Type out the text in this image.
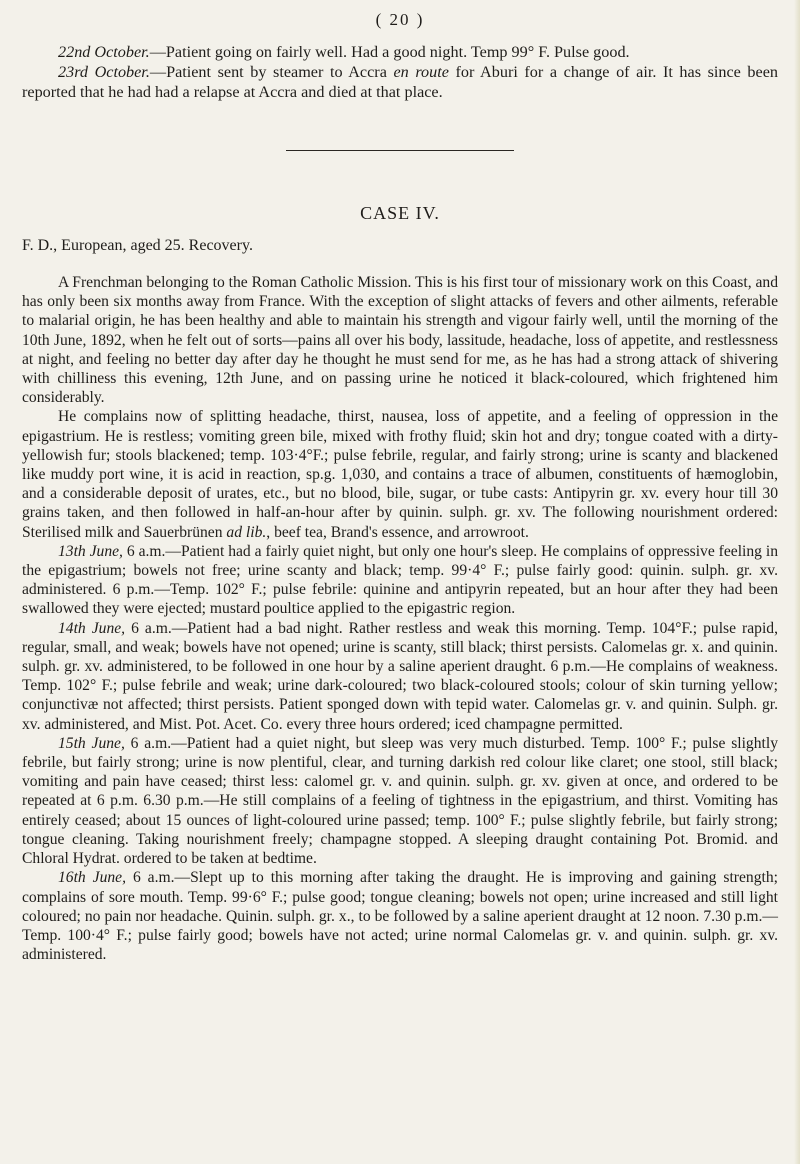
( 20 )

22nd October.—Patient going on fairly well. Had a good night. Temp 99° F. Pulse good.

23rd October.—Patient sent by steamer to Accra en route for Aburi for a change of air. It has since been reported that he had had a relapse at Accra and died at that place.

CASE IV.

F. D., European, aged 25. Recovery.

A Frenchman belonging to the Roman Catholic Mission. This is his first tour of missionary work on this Coast, and has only been six months away from France. With the exception of slight attacks of fevers and other ailments, referable to malarial origin, he has been healthy and able to maintain his strength and vigour fairly well, until the morning of the 10th June, 1892, when he felt out of sorts—pains all over his body, lassitude, headache, loss of appetite, and restlessness at night, and feeling no better day after day he thought he must send for me, as he has had a strong attack of shivering with chilliness this evening, 12th June, and on passing urine he noticed it black-coloured, which frightened him considerably.

He complains now of splitting headache, thirst, nausea, loss of appetite, and a feeling of oppression in the epigastrium. He is restless; vomiting green bile, mixed with frothy fluid; skin hot and dry; tongue coated with a dirty-yellowish fur; stools blackened; temp. 103·4°F.; pulse febrile, regular, and fairly strong; urine is scanty and blackened like muddy port wine, it is acid in reaction, sp.g. 1,030, and contains a trace of albumen, constituents of hæmoglobin, and a considerable deposit of urates, etc., but no blood, bile, sugar, or tube casts: Antipyrin gr. xv. every hour till 30 grains taken, and then followed in half-an-hour after by quinin. sulph. gr. xv. The following nourishment ordered: Sterilised milk and Sauerbrünen ad lib., beef tea, Brand's essence, and arrowroot.

13th June, 6 a.m.—Patient had a fairly quiet night, but only one hour's sleep. He complains of oppressive feeling in the epigastrium; bowels not free; urine scanty and black; temp. 99·4° F.; pulse fairly good: quinin. sulph. gr. xv. administered. 6 p.m.—Temp. 102° F.; pulse febrile: quinine and antipyrin repeated, but an hour after they had been swallowed they were ejected; mustard poultice applied to the epigastric region.

14th June, 6 a.m.—Patient had a bad night. Rather restless and weak this morning. Temp. 104°F.; pulse rapid, regular, small, and weak; bowels have not opened; urine is scanty, still black; thirst persists. Calomelas gr. x. and quinin. sulph. gr. xv. administered, to be followed in one hour by a saline aperient draught. 6 p.m.—He complains of weakness. Temp. 102° F.; pulse febrile and weak; urine dark-coloured; two black-coloured stools; colour of skin turning yellow; conjunctivæ not affected; thirst persists. Patient sponged down with tepid water. Calomelas gr. v. and quinin. Sulph. gr. xv. administered, and Mist. Pot. Acet. Co. every three hours ordered; iced champagne permitted.

15th June, 6 a.m.—Patient had a quiet night, but sleep was very much disturbed. Temp. 100° F.; pulse slightly febrile, but fairly strong; urine is now plentiful, clear, and turning darkish red colour like claret; one stool, still black; vomiting and pain have ceased; thirst less: calomel gr. v. and quinin. sulph. gr. xv. given at once, and ordered to be repeated at 6 p.m. 6.30 p.m.—He still complains of a feeling of tightness in the epigastrium, and thirst. Vomiting has entirely ceased; about 15 ounces of light-coloured urine passed; temp. 100° F.; pulse slightly febrile, but fairly strong; tongue cleaning. Taking nourishment freely; champagne stopped. A sleeping draught containing Pot. Bromid. and Chloral Hydrat. ordered to be taken at bedtime.

16th June, 6 a.m.—Slept up to this morning after taking the draught. He is improving and gaining strength; complains of sore mouth. Temp. 99·6° F.; pulse good; tongue cleaning; bowels not open; urine increased and still light coloured; no pain nor headache. Quinin. sulph. gr. x., to be followed by a saline aperient draught at 12 noon. 7.30 p.m.—Temp. 100·4° F.; pulse fairly good; bowels have not acted; urine normal Calomelas gr. v. and quinin. sulph. gr. xv. administered.
